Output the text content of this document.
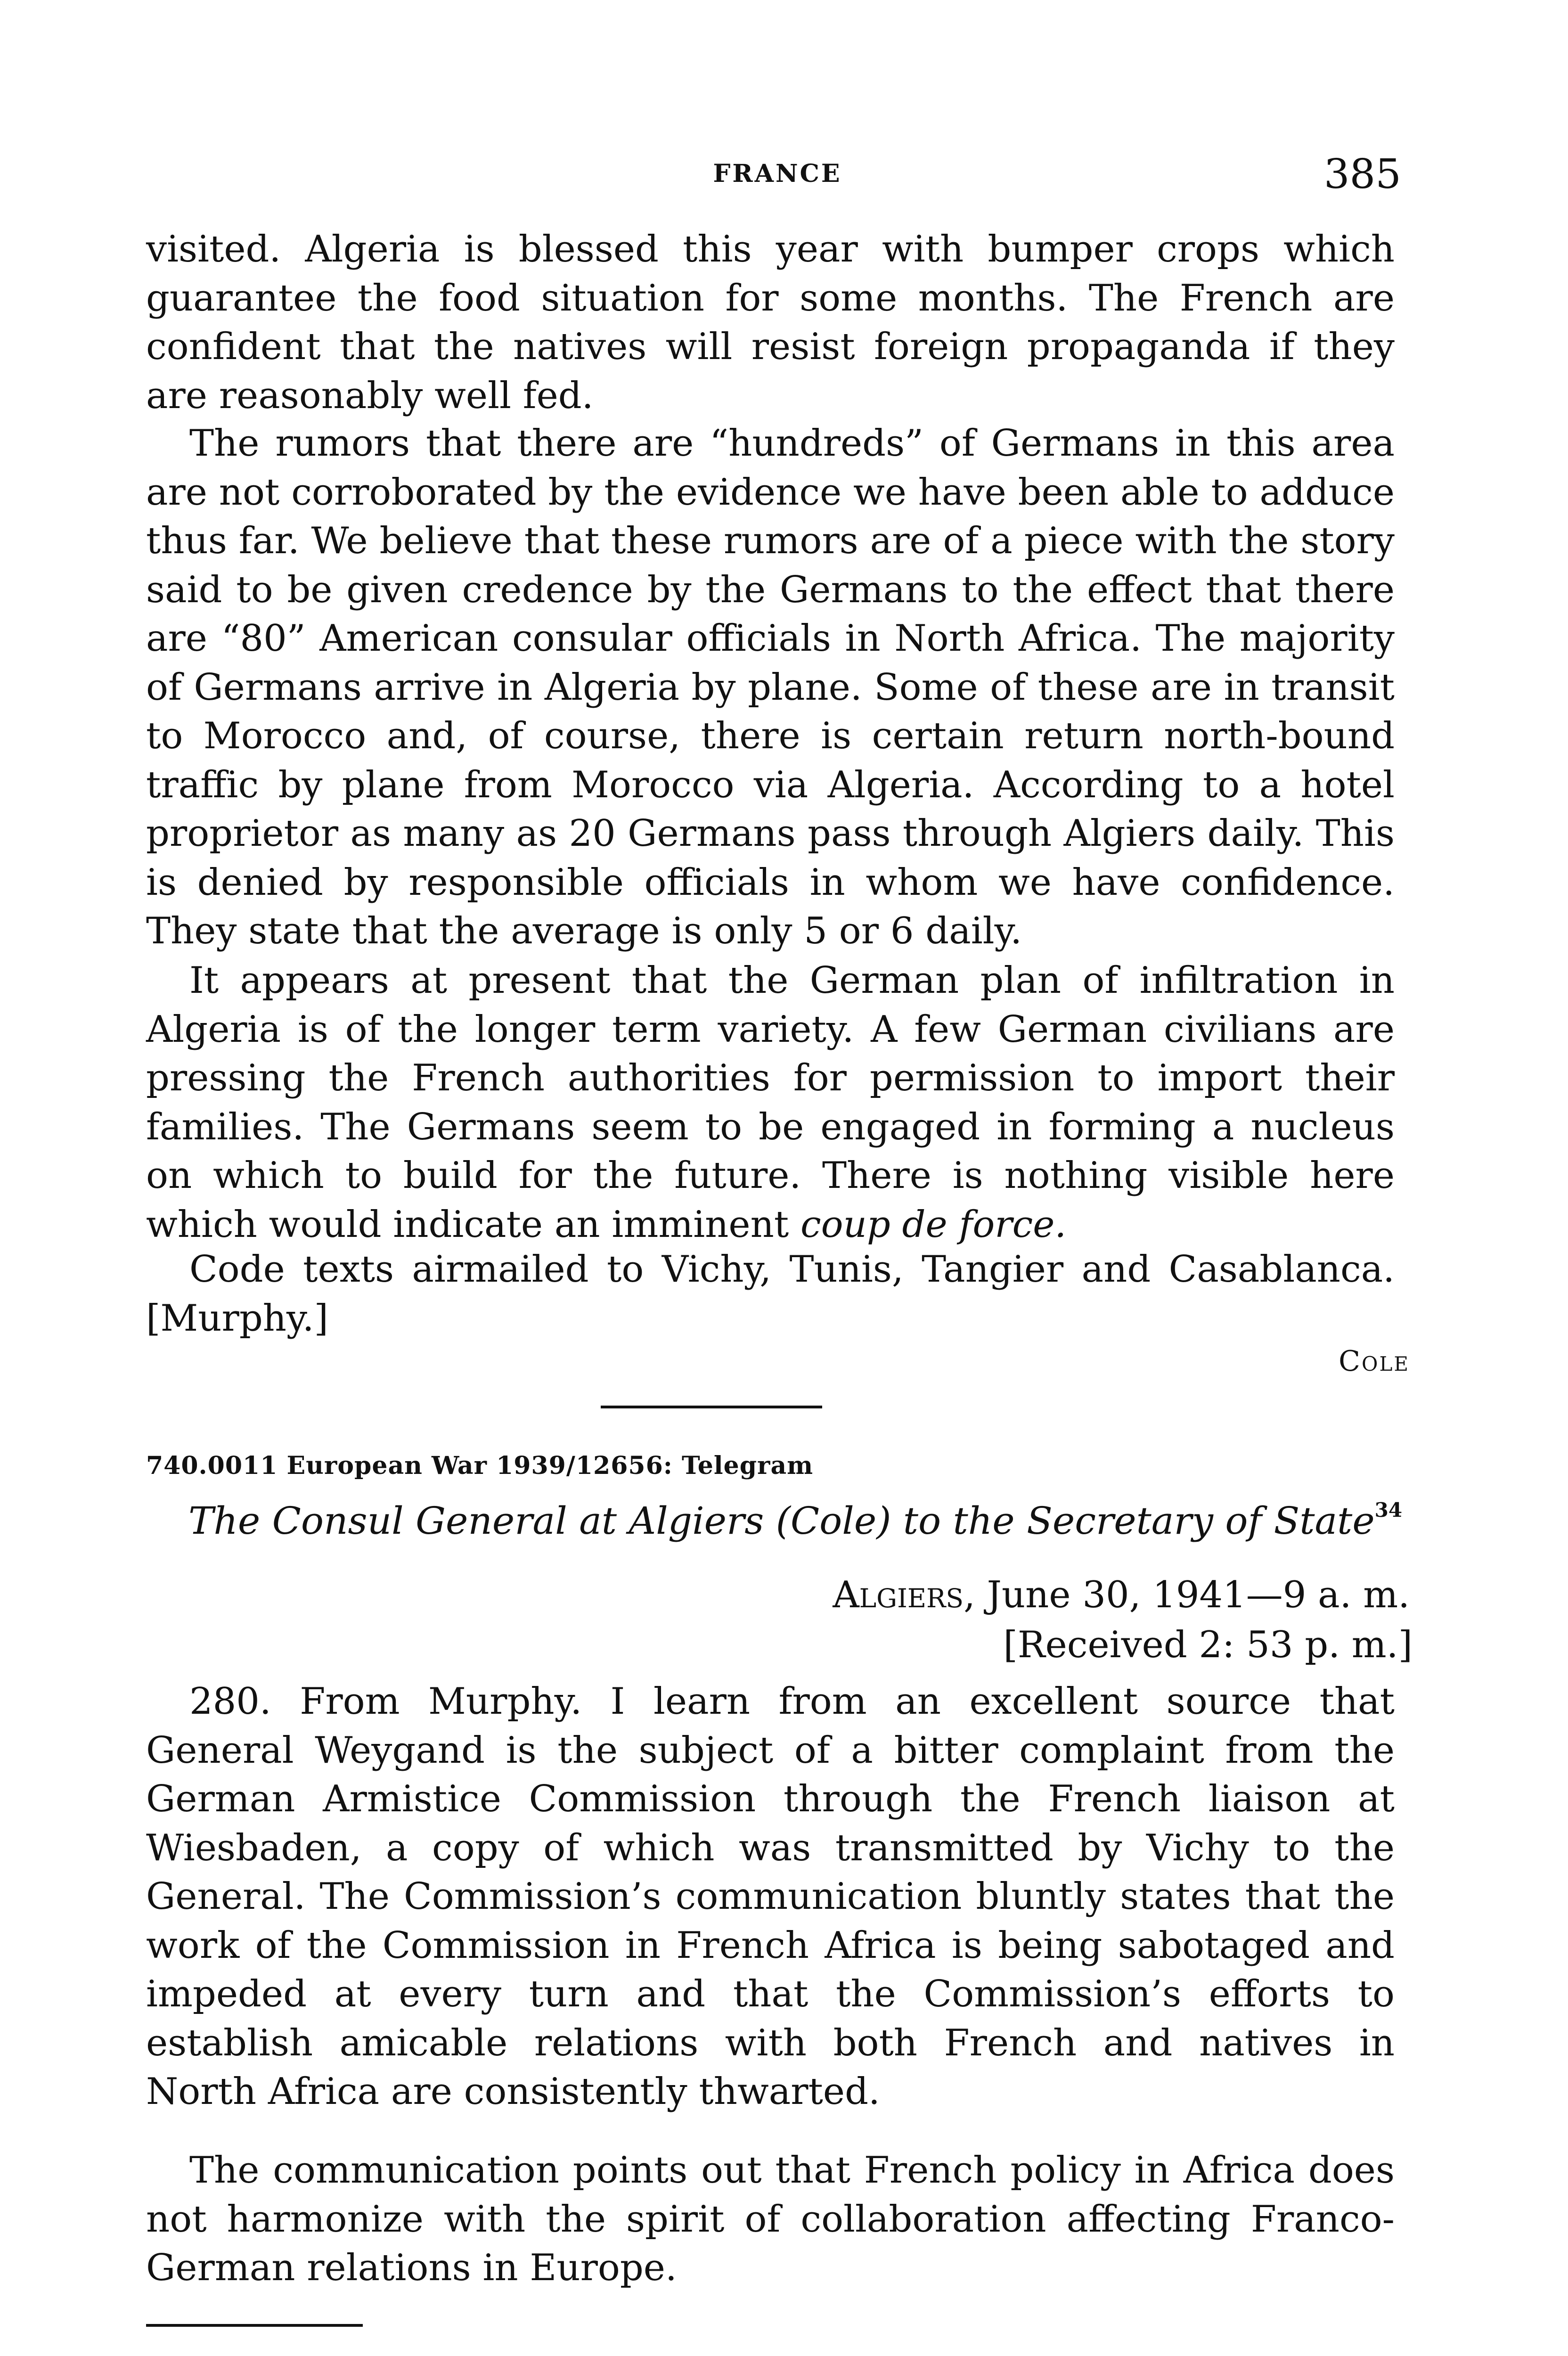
FRANCE	385

visited. Algeria is blessed this year with bumper crops which guarantee the food situation for some months. The French are confident that the natives will resist foreign propaganda if they are reasonably well fed.

The rumors that there are “hundreds” of Germans in this area are not corroborated by the evidence we have been able to adduce thus far. We believe that these rumors are of a piece with the story said to be given credence by the Germans to the effect that there are “80” American consular officials in North Africa. The majority of Germans arrive in Algeria by plane. Some of these are in transit to Morocco and, of course, there is certain return north-bound traffic by plane from Morocco via Algeria. According to a hotel proprietor as many as 20 Germans pass through Algiers daily. This is denied by responsible officials in whom we have confidence. They state that the average is only 5 or 6 daily.

It appears at present that the German plan of infiltration in Algeria is of the longer term variety. A few German civilians are pressing the French authorities for permission to import their families. The Germans seem to be engaged in forming a nucleus on which to build for the future. There is nothing visible here which would indicate an imminent coup de force.

Code texts airmailed to Vichy, Tunis, Tangier and Casablanca. [Murphy.]

Cole
740.0011 European War 1939/12656: Telegram
The Consul General at Algiers (Cole) to the Secretary of State$^{34}$
Algiers, June 30, 1941—9 a. m.
[Received 2: 53 p. m.]

280. From Murphy. I learn from an excellent source that General Weygand is the subject of a bitter complaint from the German Armistice Commission through the French liaison at Wiesbaden, a copy of which was transmitted by Vichy to the General. The Commission’s communication bluntly states that the work of the Commission in French Africa is being sabotaged and impeded at every turn and that the Commission’s efforts to establish amicable relations with both French and natives in North Africa are consistently thwarted.

The communication points out that French policy in Africa does not harmonize with the spirit of collaboration affecting Franco-German relations in Europe.
